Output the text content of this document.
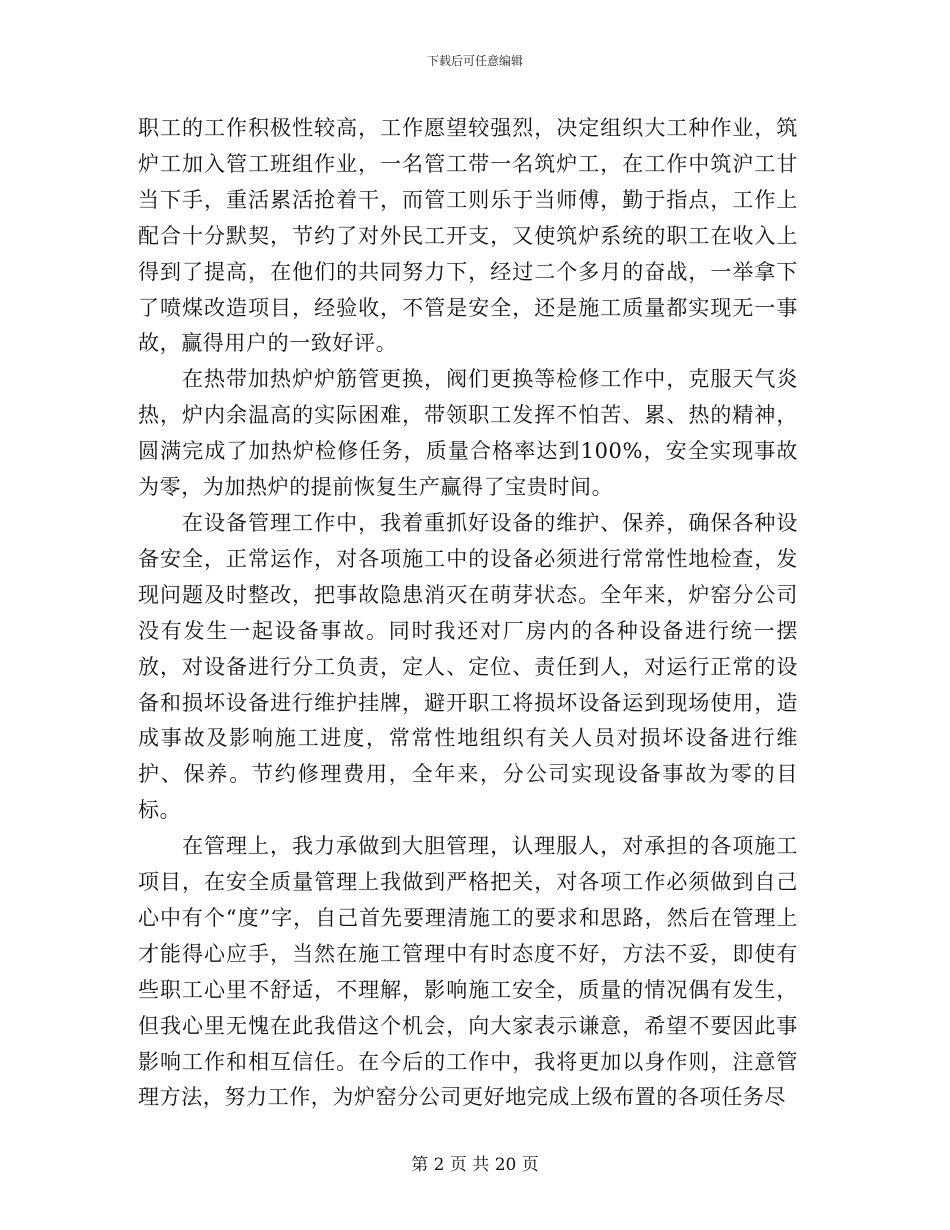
下载后可任意编辑

职工的工作积极性较高，工作愿望较强烈，决定组织大工种作业，筑炉工加入管工班组作业，一名管工带一名筑炉工，在工作中筑沪工甘当下手，重活累活抢着干，而管工则乐于当师傅，勤于指点，工作上配合十分默契，节约了对外民工开支，又使筑炉系统的职工在收入上得到了提高，在他们的共同努力下，经过二个多月的奋战，一举拿下了喷煤改造项目，经验收，不管是安全，还是施工质量都实现无一事故，赢得用户的一致好评。

在热带加热炉炉筋管更换，阀们更换等检修工作中，克服天气炎热，炉内余温高的实际困难，带领职工发挥不怕苦、累、热的精神，圆满完成了加热炉检修任务，质量合格率达到100%，安全实现事故为零，为加热炉的提前恢复生产赢得了宝贵时间。

在设备管理工作中，我着重抓好设备的维护、保养，确保各种设备安全，正常运作，对各项施工中的设备必须进行常常性地检查，发现问题及时整改，把事故隐患消灭在萌芽状态。全年来，炉窑分公司没有发生一起设备事故。同时我还对厂房内的各种设备进行统一摆放，对设备进行分工负责，定人、定位、责任到人，对运行正常的设备和损坏设备进行维护挂牌，避开职工将损坏设备运到现场使用，造成事故及影响施工进度，常常性地组织有关人员对损坏设备进行维护、保养。节约修理费用，全年来，分公司实现设备事故为零的目标。

在管理上，我力承做到大胆管理，认理服人，对承担的各项施工项目，在安全质量管理上我做到严格把关，对各项工作必须做到自己心中有个“度”字，自己首先要理清施工的要求和思路，然后在管理上才能得心应手，当然在施工管理中有时态度不好，方法不妥，即使有些职工心里不舒适，不理解，影响施工安全，质量的情况偶有发生，但我心里无愧在此我借这个机会，向大家表示谦意，希望不要因此事影响工作和相互信任。在今后的工作中，我将更加以身作则，注意管理方法，努力工作，为炉窑分公司更好地完成上级布置的各项任务尽

第 2 页 共 20 页
